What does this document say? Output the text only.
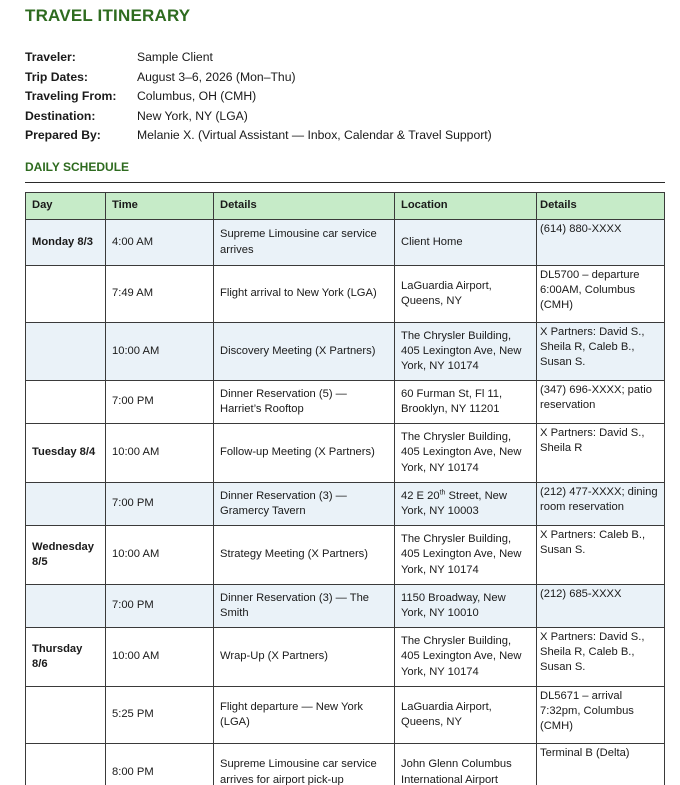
TRAVEL ITINERARY
Traveler:	Sample Client
Trip Dates:	August 3–6, 2026 (Mon–Thu)
Traveling From:	Columbus, OH (CMH)
Destination:	New York, NY (LGA)
Prepared By:	Melanie X. (Virtual Assistant — Inbox, Calendar & Travel Support)
DAILY SCHEDULE
Day	Time	Details	Location	Details
Monday 8/3	4:00 AM	Supreme Limousine car service arrives	Client Home	(614) 880-XXXX
	7:49 AM	Flight arrival to New York (LGA)	LaGuardia Airport, Queens, NY	DL5700 – departure 6:00AM, Columbus (CMH)
	10:00 AM	Discovery Meeting (X Partners)	The Chrysler Building, 405 Lexington Ave, New York, NY 10174	X Partners: David S., Sheila R, Caleb B., Susan S.
	7:00 PM	Dinner Reservation (5) — Harriet’s Rooftop	60 Furman St, Fl 11, Brooklyn, NY 11201	(347) 696-XXXX; patio reservation
Tuesday 8/4	10:00 AM	Follow-up Meeting (X Partners)	The Chrysler Building, 405 Lexington Ave, New York, NY 10174	X Partners: David S., Sheila R
	7:00 PM	Dinner Reservation (3) — Gramercy Tavern	42 E 20th Street, New York, NY 10003	(212) 477-XXXX; dining room reservation
Wednesday 8/5	10:00 AM	Strategy Meeting (X Partners)	The Chrysler Building, 405 Lexington Ave, New York, NY 10174	X Partners: Caleb B., Susan S.
	7:00 PM	Dinner Reservation (3) — The Smith	1150 Broadway, New York, NY 10010	(212) 685-XXXX
Thursday 8/6	10:00 AM	Wrap-Up (X Partners)	The Chrysler Building, 405 Lexington Ave, New York, NY 10174	X Partners: David S., Sheila R, Caleb B., Susan S.
	5:25 PM	Flight departure — New York (LGA)	LaGuardia Airport, Queens, NY	DL5671 – arrival 7:32pm, Columbus (CMH)
	8:00 PM	Supreme Limousine car service arrives for airport pick-up	John Glenn Columbus International Airport	Terminal B (Delta)
